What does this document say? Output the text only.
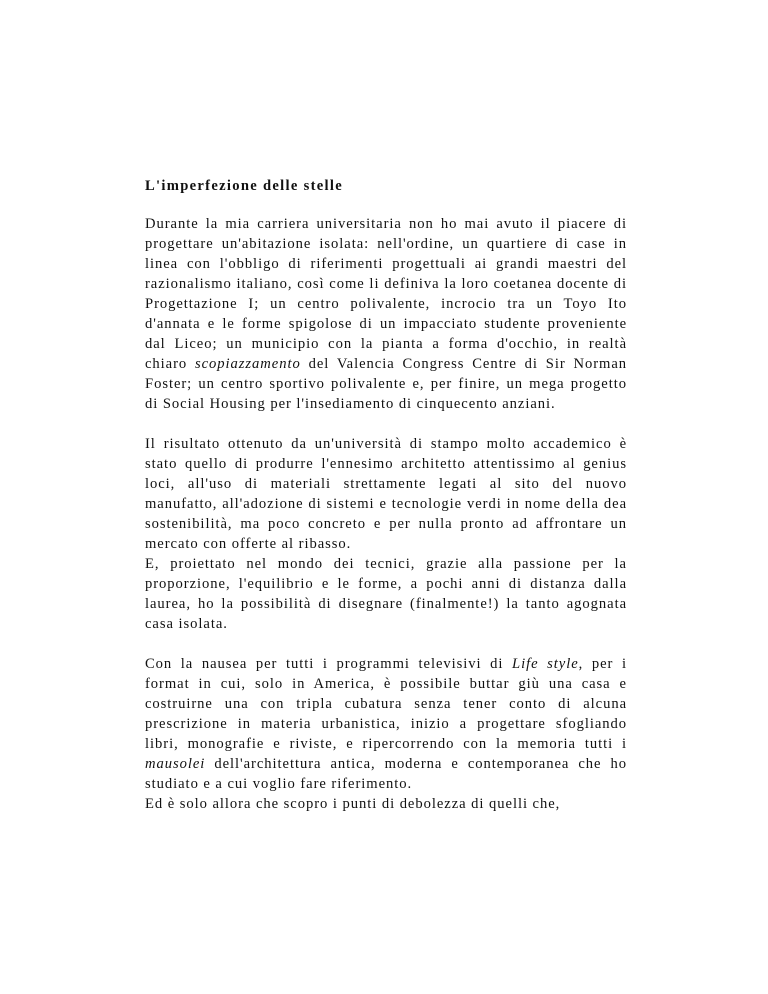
L'imperfezione delle stelle

Durante la mia carriera universitaria non ho mai avuto il piacere di progettare un'abitazione isolata: nell'ordine, un quartiere di case in linea con l'obbligo di riferimenti progettuali ai grandi maestri del razionalismo italiano, così come li definiva la loro coetanea docente di Progettazione I; un centro polivalente, incrocio tra un Toyo Ito d'annata e le forme spigolose di un impacciato studente proveniente dal Liceo; un municipio con la pianta a forma d'occhio, in realtà chiaro scopiazzamento del Valencia Congress Centre di Sir Norman Foster; un centro sportivo polivalente e, per finire, un mega progetto di Social Housing per l'insediamento di cinquecento anziani.

Il risultato ottenuto da un'università di stampo molto accademico è stato quello di produrre l'ennesimo architetto attentissimo al genius loci, all'uso di materiali strettamente legati al sito del nuovo manufatto, all'adozione di sistemi e tecnologie verdi in nome della dea sostenibilità, ma poco concreto e per nulla pronto ad affrontare un mercato con offerte al ribasso.

E, proiettato nel mondo dei tecnici, grazie alla passione per la proporzione, l'equilibrio e le forme, a pochi anni di distanza dalla laurea, ho la possibilità di disegnare (finalmente!) la tanto agognata casa isolata.

Con la nausea per tutti i programmi televisivi di Life style, per i format in cui, solo in America, è possibile buttar giù una casa e costruirne una con tripla cubatura senza tener conto di alcuna prescrizione in materia urbanistica, inizio a progettare sfogliando libri, monografie e riviste, e ripercorrendo con la memoria tutti i mausolei dell'architettura antica, moderna e contemporanea che ho studiato e a cui voglio fare riferimento.

Ed è solo allora che scopro i punti di debolezza di quelli che,
